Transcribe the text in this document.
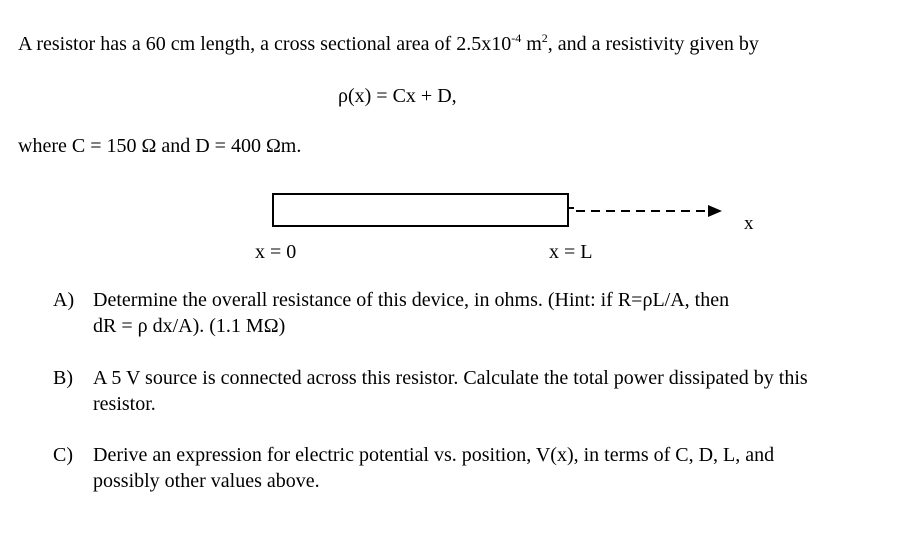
A resistor has a 60 cm length, a cross sectional area of $2.5x10^{-4}$ $m^2$, and a resistivity given by
ρ(x) = Cx + D,
where C = 150 Ω and D = 400 Ωm.
x
x = 0	x = L
A) Determine the overall resistance of this device, in ohms. (Hint: if R=ρL/A, then
dR = ρ dx/A). (1.1 MΩ)
B)	A 5 V source is connected across this resistor. Calculate the total power dissipated by this
resistor.
C)	Derive an expression for electric potential vs. position, V(x), in terms of C, D, L, and
possibly other values above.
